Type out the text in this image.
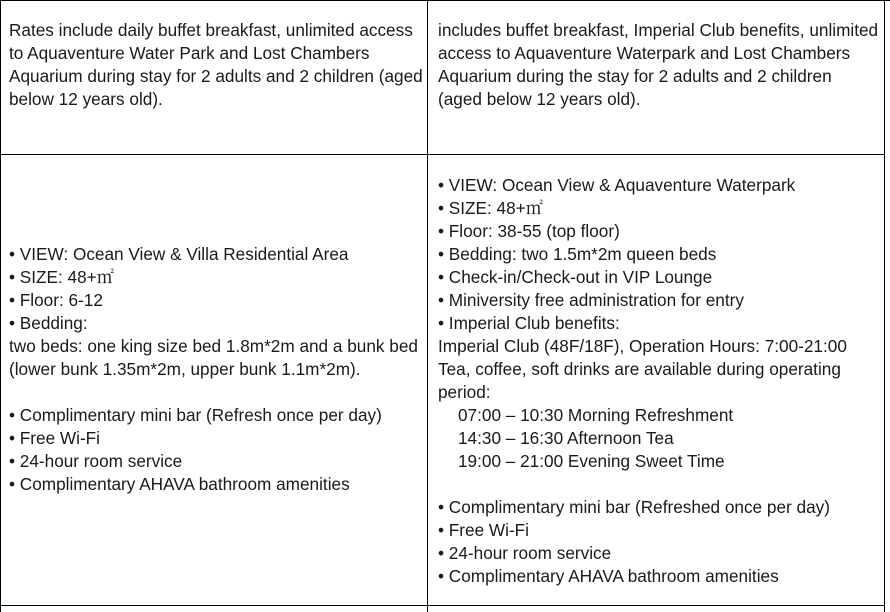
Rates include daily buffet breakfast, unlimited access to Aquaventure Water Park and Lost Chambers Aquarium during stay for 2 adults and 2 children (aged below 12 years old).

includes buffet breakfast, Imperial Club benefits, unlimited access to Aquaventure Waterpark and Lost Chambers Aquarium during the stay for 2 adults and 2 children (aged below 12 years old).

• VIEW: Ocean View & Villa Residential Area
• SIZE: 48+㎡
• Floor: 6-12
• Bedding:
two beds: one king size bed 1.8m*2m and a bunk bed (lower bunk 1.35m*2m, upper bunk 1.1m*2m).
• Complimentary mini bar (Refresh once per day)
• Free Wi-Fi
• 24-hour room service
• Complimentary AHAVA bathroom amenities
• VIEW: Ocean View & Aquaventure Waterpark
• SIZE: 48+㎡
• Floor: 38-55 (top floor)
• Bedding: two 1.5m*2m queen beds
• Check-in/Check-out in VIP Lounge
• Miniversity free administration for entry
• Imperial Club benefits:
Imperial Club (48F/18F), Operation Hours: 7:00-21:00
Tea, coffee, soft drinks are available during operating period:
07:00 – 10:30 Morning Refreshment
14:30 – 16:30 Afternoon Tea
19:00 – 21:00 Evening Sweet Time
• Complimentary mini bar (Refreshed once per day)
• Free Wi-Fi
• 24-hour room service
• Complimentary AHAVA bathroom amenities
